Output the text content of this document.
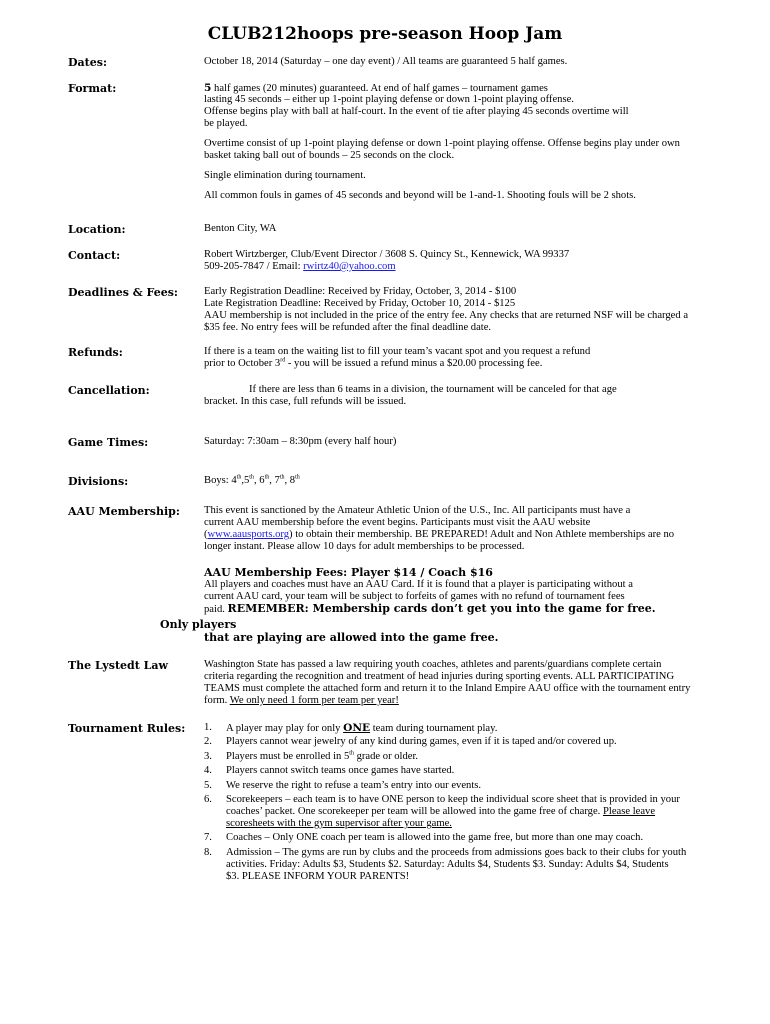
CLUB212hoops pre-season Hoop Jam
Dates:	October 18, 2014 (Saturday – one day event) / All teams are guaranteed 5 half games.
Format:	5 half games (20 minutes) guaranteed. At end of half games – tournament games
lasting 45 seconds – either up 1-point playing defense or down 1-point playing offense.
Offense begins play with ball at half-court. In the event of tie after playing 45 seconds overtime will
be played.
Overtime consist of up 1-point playing defense or down 1-point playing offense. Offense begins play under own
basket taking ball out of bounds – 25 seconds on the clock.
Single elimination during tournament.
All common fouls in games of 45 seconds and beyond will be 1-and-1. Shooting fouls will be 2 shots.
Location:	Benton City, WA
Contact:	Robert Wirtzberger, Club/Event Director / 3608 S. Quincy St., Kennewick, WA 99337
509-205-7847 / Email: rwirtz40@yahoo.com
Deadlines & Fees: Early Registration Deadline: Received by Friday, October, 3, 2014 - $100
Late Registration Deadline: Received by Friday, October 10, 2014 - $125
AAU membership is not included in the price of the entry fee. Any checks that are returned NSF will be charged a
$35 fee. No entry fees will be refunded after the final deadline date.
Refunds:	If there is a team on the waiting list to fill your team’s vacant spot and you request a refund
prior to October 3rd - you will be issued a refund minus a $20.00 processing fee.
Cancellation:	If there are less than 6 teams in a division, the tournament will be canceled for that age
bracket. In this case, full refunds will be issued.
Game Times:	Saturday: 7:30am – 8:30pm (every half hour)
Divisions:	Boys: 4th,5th, 6th, 7th, 8th
AAU Membership: This event is sanctioned by the Amateur Athletic Union of the U.S., Inc. All participants must have a
current AAU membership before the event begins. Participants must visit the AAU website
(www.aausports.org) to obtain their membership. BE PREPARED! Adult and Non Athlete memberships are no
longer instant. Please allow 10 days for adult memberships to be processed.
AAU Membership Fees: Player $14 / Coach $16
All players and coaches must have an AAU Card. If it is found that a player is participating without a
current AAU card, your team will be subject to forfeits of games with no refund of tournament fees
paid. REMEMBER: Membership cards don’t get you into the game for free.
Only players
that are playing are allowed into the game free.
The Lystedt Law	Washington State has passed a law requiring youth coaches, athletes and parents/guardians complete certain
criteria regarding the recognition and treatment of head injuries during sporting events. ALL PARTICIPATING
TEAMS must complete the attached form and return it to the Inland Empire AAU office with the tournament entry
form. We only need 1 form per team per year!
Tournament Rules: 1. A player may play for only ONE team during tournament play.
2. Players cannot wear jewelry of any kind during games, even if it is taped and/or covered up.
3. Players must be enrolled in 5th grade or older.
4. Players cannot switch teams once games have started.
5. We reserve the right to refuse a team’s entry into our events.
6. Scorekeepers – each team is to have ONE person to keep the individual score sheet that is provided in your
coaches’ packet. One scorekeeper per team will be allowed into the game free of charge. Please leave
scoresheets with the gym supervisor after your game.
7. Coaches – Only ONE coach per team is allowed into the game free, but more than one may coach.
8. Admission – The gyms are run by clubs and the proceeds from admissions goes back to their clubs for youth
activities. Friday: Adults $3, Students $2. Saturday: Adults $4, Students $3. Sunday: Adults $4, Students
$3. PLEASE INFORM YOUR PARENTS!
